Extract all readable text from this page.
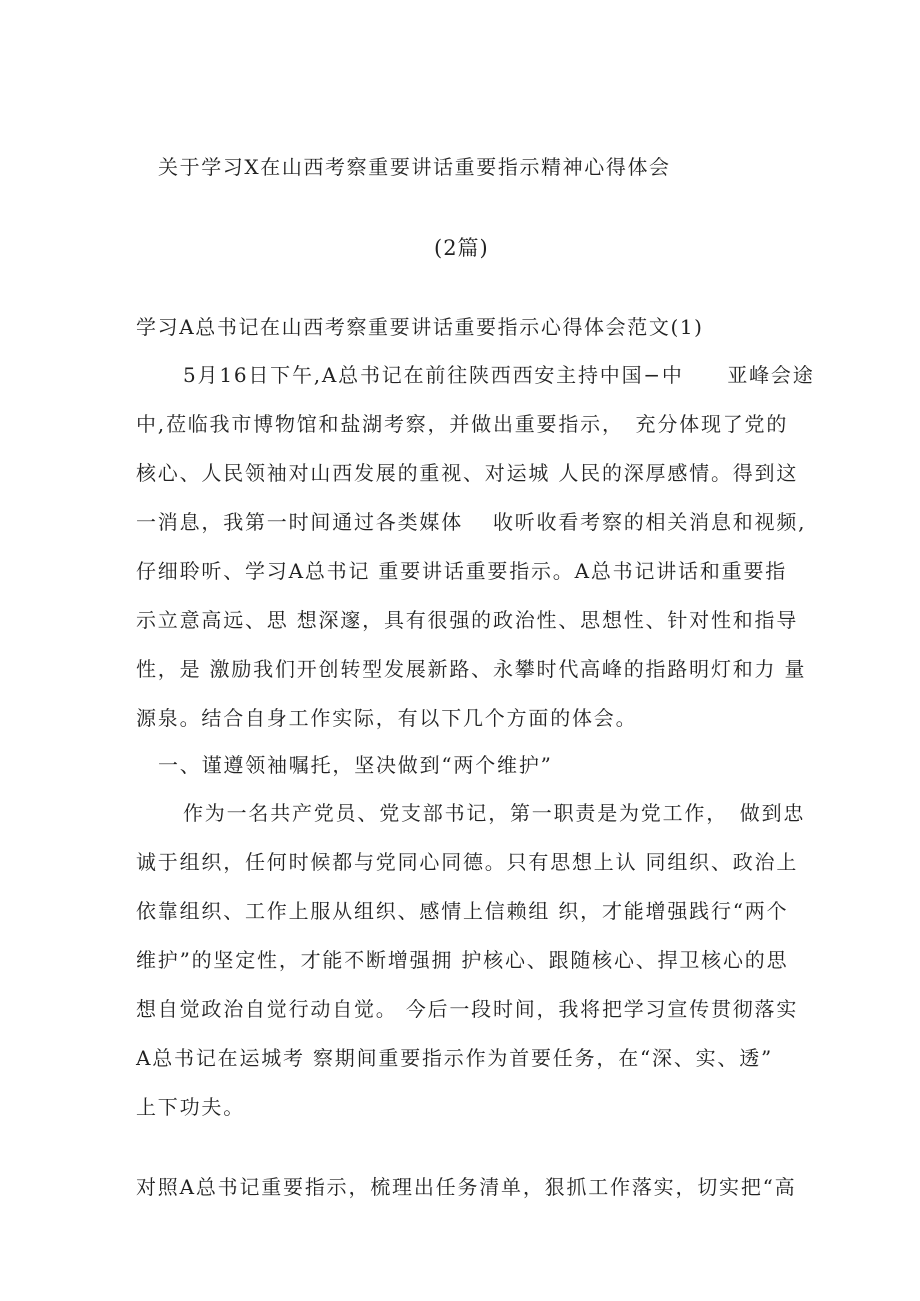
关于学习X在山西考察重要讲话重要指示精神心得体会
(2篇)
学习A总书记在山西考察重要讲话重要指示心得体会范文(1)
5月16日下午,A总书记在前往陕西西安主持中国−中　　亚峰会途
中,莅临我市博物馆和盐湖考察，并做出重要指示，　充分体现了党的
核心、人民领袖对山西发展的重视、对运城 人民的深厚感情。得到这
一消息，我第一时间通过各类媒体　 收听收看考察的相关消息和视频,
仔细聆听、学习A总书记 重要讲话重要指示。A总书记讲话和重要指
示立意高远、思 想深邃，具有很强的政治性、思想性、针对性和指导
性，是 激励我们开创转型发展新路、永攀时代高峰的指路明灯和力 量
源泉。结合自身工作实际，有以下几个方面的体会。
一、谨遵领袖嘱托，坚决做到“两个维护”
作为一名共产党员、党支部书记，第一职责是为党工作，　做到忠
诚于组织，任何时候都与党同心同德。只有思想上认 同组织、政治上
依靠组织、工作上服从组织、感情上信赖组 织，才能增强践行“两个
维护”的坚定性，才能不断增强拥 护核心、跟随核心、捍卫核心的思
想自觉政治自觉行动自觉。 今后一段时间，我将把学习宣传贯彻落实
A总书记在运城考 察期间重要指示作为首要任务，在“深、实、透”
上下功夫。
对照A总书记重要指示，梳理出任务清单，狠抓工作落实，切实把“高
